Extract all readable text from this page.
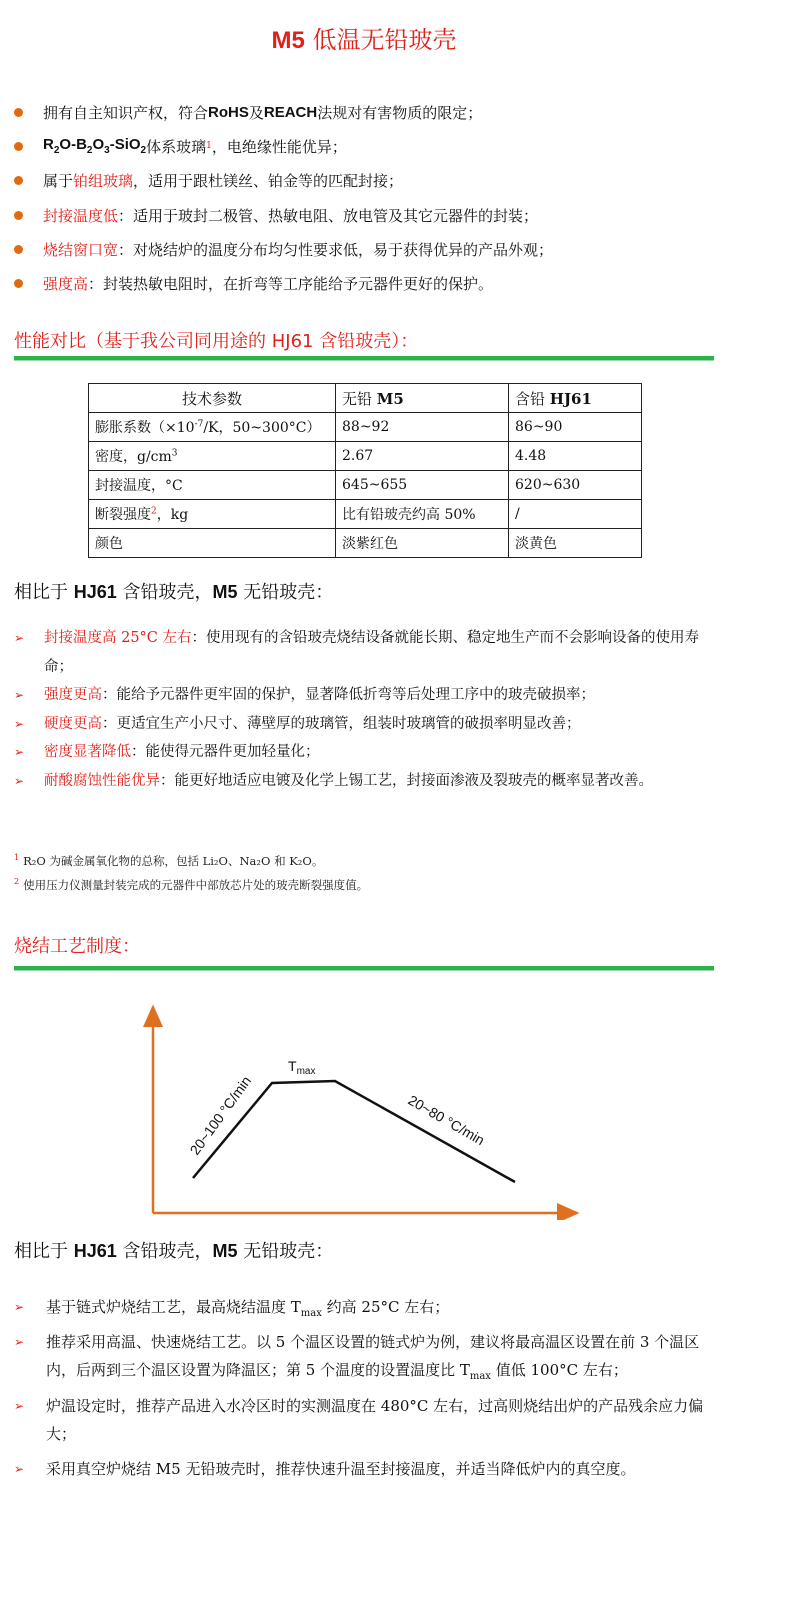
M5 低温无铅玻壳
拥有自主知识产权，符合 RoHS 及 REACH 法规对有害物质的限定；
$R_2O-B_2O_3-SiO_2$ 体系玻璃 1 ，电绝缘性能优异；
属于 铂组玻璃 ，适用于跟杜镁丝、铂金等的匹配封接；
封接温度低 ：适用于玻封二极管、热敏电阻、放电管及其它元器件的封装；
烧结窗口宽 ：对烧结炉的温度分布均匀性要求低，易于获得优异的产品外观；
强度高 ：封装热敏电阻时，在折弯等工序能给予元器件更好的保护。
性能对比（基于我公司同用途的 HJ61 含铅玻壳）：
技术参数	无铅 M5	含铅 HJ61
膨胀系数（$\times 10^{-7}/K$，50~300°C）	88~92	86~90
密度，$g/cm^3$	2.67	4.48
封接温度，°C	645~655	620~630
断裂强度$^2$，kg	比有铅玻壳约高 50%	/
颜色	淡紫红色	淡黄色
相比于 HJ61 含铅玻壳，M5 无铅玻壳：
➢ 封接温度高 25°C 左右：使用现有的含铅玻壳烧结设备就能长期、稳定地生产而不会影响设备的使用寿命；
➢ 强度更高：能给予元器件更牢固的保护，显著降低折弯等后处理工序中的玻壳破损率；
➢ 硬度更高：更适宜生产小尺寸、薄壁厚的玻璃管，组装时玻璃管的破损率明显改善；
➢ 密度显著降低：能使得元器件更加轻量化；
➢ 耐酸腐蚀性能优异：能更好地适应电镀及化学上锡工艺，封接面渗液及裂玻壳的概率显著改善。
$^1$ R₂O 为碱金属氧化物的总称，包括 Li₂O、Na₂O 和 K₂O。
$^2$ 使用压力仪测量封装完成的元器件中部放芯片处的玻壳断裂强度值。
烧结工艺制度：
$T_{max}$
20~100 °C/min	20~80 °C/min
相比于 HJ61 含铅玻壳，M5 无铅玻壳：
➢ 基于链式炉烧结工艺，最高烧结温度 $T_{max}$ 约高 25°C 左右；
➢ 推荐采用高温、快速烧结工艺。以 5 个温区设置的链式炉为例，建议将最高温区设置在前 3 个温区内，后两到三个温区设置为降温区；第 5 个温度的设置温度比 $T_{max}$ 值低 100°C 左右；
➢ 炉温设定时，推荐产品进入水冷区时的实测温度在 480°C 左右，过高则烧结出炉的产品残余应力偏大；
➢ 采用真空炉烧结 M5 无铅玻壳时，推荐快速升温至封接温度，并适当降低炉内的真空度。
